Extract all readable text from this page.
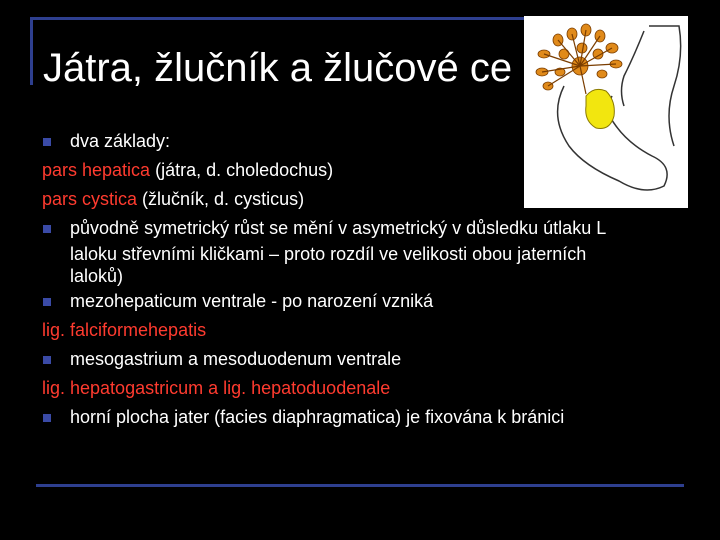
Játra, žlučník a žlučové ce
dva základy:
pars hepatica (játra, d. choledochus)
pars cystica (žlučník, d. cysticus)
původně symetrický růst se mění v asymetrický v důsledku útlaku L
laloku střevními kličkami – proto rozdíl ve velikosti obou jaterních
laloků)
mezohepaticum ventrale - po narození vzniká
lig. falciformehepatis
mesogastrium a mesoduodenum ventrale
lig. hepatogastricum a lig. hepatoduodenale
horní plocha jater (facies diaphragmatica) je fixována k bránici
